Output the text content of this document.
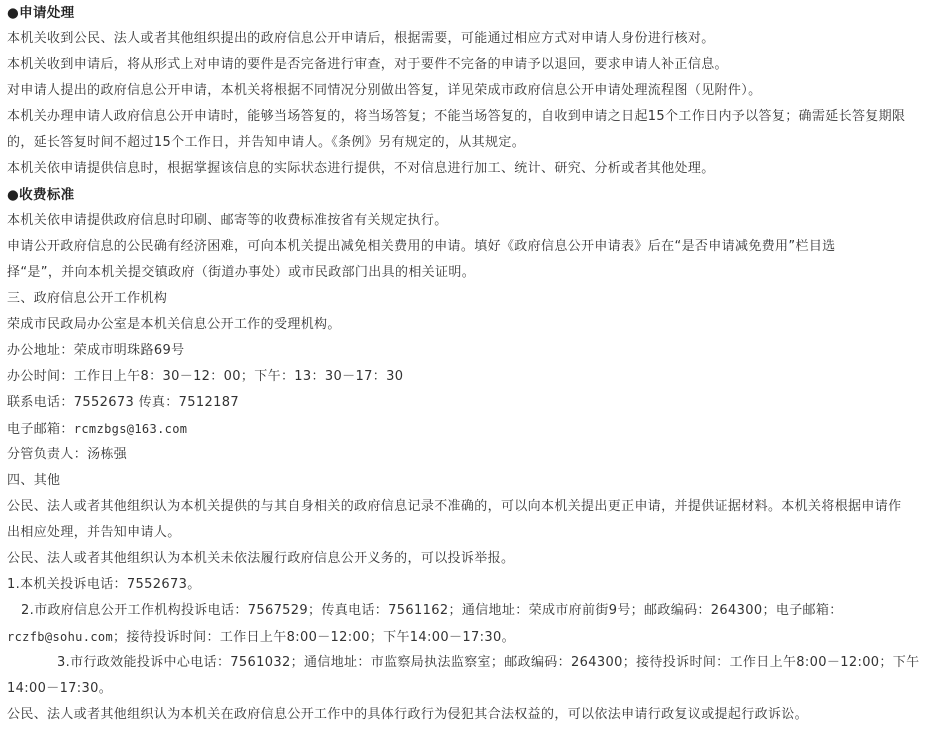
●申请处理
本机关收到公民、法人或者其他组织提出的政府信息公开申请后，根据需要，可能通过相应方式对申请人身份进行核对。
本机关收到申请后，将从形式上对申请的要件是否完备进行审查，对于要件不完备的申请予以退回，要求申请人补正信息。
对申请人提出的政府信息公开申请，本机关将根据不同情况分别做出答复，详见荣成市政府信息公开申请处理流程图（见附件）。
本机关办理申请人政府信息公开申请时，能够当场答复的，将当场答复；不能当场答复的，自收到申请之日起15个工作日内予以答复；确需延长答复期限
的，延长答复时间不超过15个工作日，并告知申请人。《条例》另有规定的，从其规定。
本机关依申请提供信息时，根据掌握该信息的实际状态进行提供，不对信息进行加工、统计、研究、分析或者其他处理。
●收费标准
本机关依申请提供政府信息时印刷、邮寄等的收费标准按省有关规定执行。
申请公开政府信息的公民确有经济困难，可向本机关提出减免相关费用的申请。填好《政府信息公开申请表》后在“是否申请减免费用”栏目选
择“是”，并向本机关提交镇政府（街道办事处）或市民政部门出具的相关证明。
三、政府信息公开工作机构
荣成市民政局办公室是本机关信息公开工作的受理机构。
办公地址：荣成市明珠路69号
办公时间：工作日上午8：30－12：00；下午：13：30－17：30
联系电话：7552673 传真：7512187
电子邮箱：rcmzbgs@163.com
分管负责人：汤栋强
四、其他
公民、法人或者其他组织认为本机关提供的与其自身相关的政府信息记录不准确的，可以向本机关提出更正申请，并提供证据材料。本机关将根据申请作
出相应处理，并告知申请人。
公民、法人或者其他组织认为本机关未依法履行政府信息公开义务的，可以投诉举报。
1.本机关投诉电话：7552673。
2.市政府信息公开工作机构投诉电话：7567529；传真电话：7561162；通信地址：荣成市府前街9号；邮政编码：264300；电子邮箱：
rczfb@sohu.com；接待投诉时间：工作日上午8:00－12:00；下午14:00－17:30。
3.市行政效能投诉中心电话：7561032；通信地址：市监察局执法监察室；邮政编码：264300；接待投诉时间：工作日上午8:00－12:00；下午
14:00－17:30。
公民、法人或者其他组织认为本机关在政府信息公开工作中的具体行政行为侵犯其合法权益的，可以依法申请行政复议或提起行政诉讼。
